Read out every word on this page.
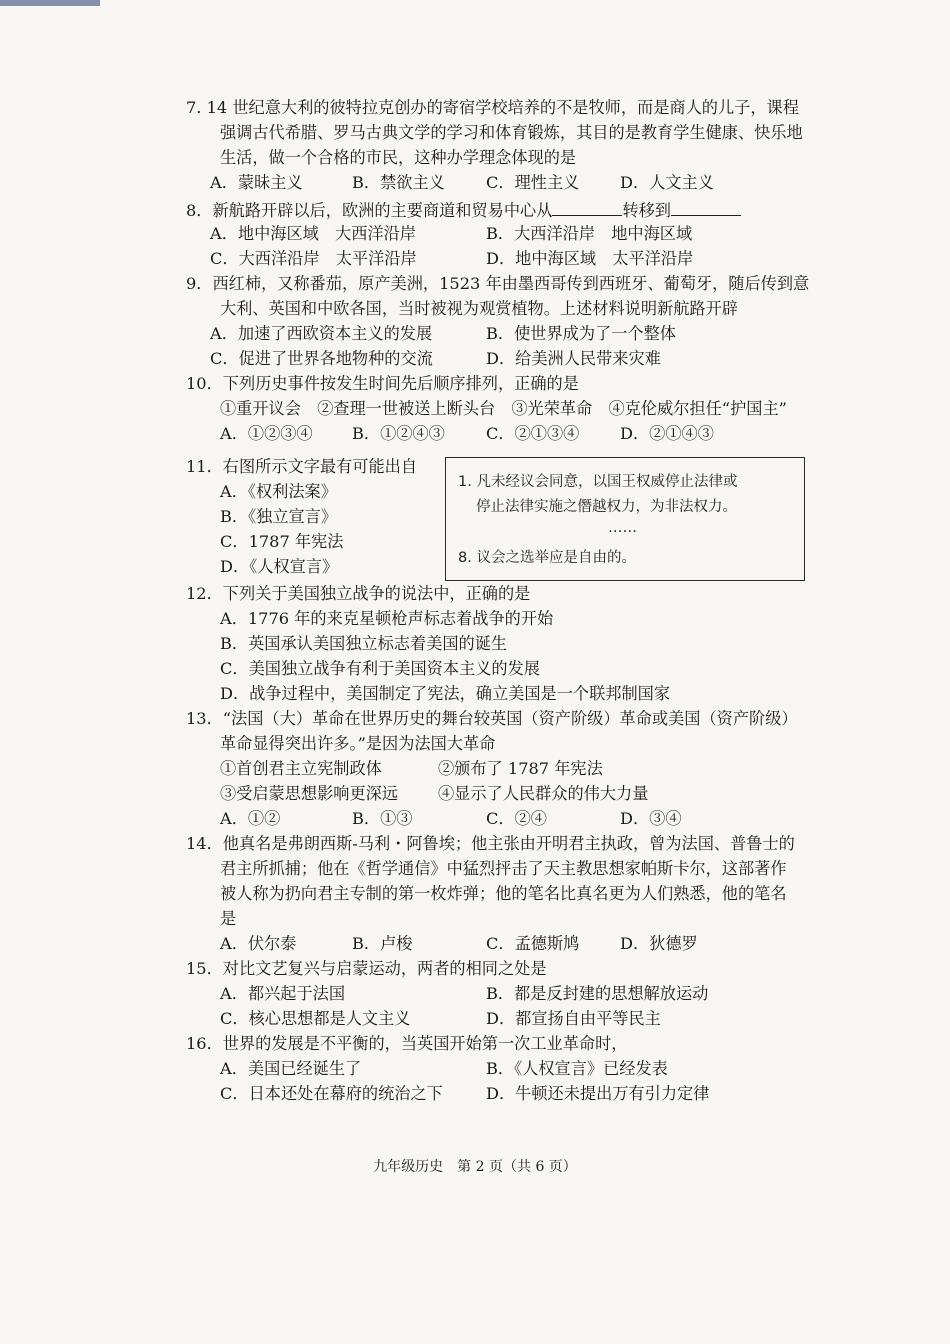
7. 14 世纪意大利的彼特拉克创办的寄宿学校培养的不是牧师，而是商人的儿子，课程
强调古代希腊、罗马古典文学的学习和体育锻炼，其目的是教育学生健康、快乐地
生活，做一个合格的市民，这种办学理念体现的是
A．蒙昧主义	B．禁欲主义	C．理性主义	D．人文主义
8．新航路开辟以后，欧洲的主要商道和贸易中心从	转移到
A．地中海区域　大西洋沿岸	B．大西洋沿岸　地中海区域
C．大西洋沿岸　太平洋沿岸	D．地中海区域　太平洋沿岸
9．西红柿，又称番茄，原产美洲，1523 年由墨西哥传到西班牙、葡萄牙，随后传到意
大利、英国和中欧各国，当时被视为观赏植物。上述材料说明新航路开辟
A．加速了西欧资本主义的发展	B．使世界成为了一个整体
C．促进了世界各地物种的交流	D．给美洲人民带来灾难
10．下列历史事件按发生时间先后顺序排列，正确的是
①重开议会　②查理一世被送上断头台　③光荣革命　④克伦威尔担任“护国主”
A．①②③④ B．①②④③	C．②①③④	D．②①④③
11．右图所示文字最有可能出自
A．《权利法案》
B．《独立宣言》
C．1787 年宪法
D．《人权宣言》
1. 凡未经议会同意，以国王权威停止法律或
停止法律实施之僭越权力，为非法权力。
……
8. 议会之选举应是自由的。
12．下列关于美国独立战争的说法中，正确的是
A．1776 年的来克星顿枪声标志着战争的开始
B．英国承认美国独立标志着美国的诞生
C．美国独立战争有利于美国资本主义的发展
D．战争过程中，美国制定了宪法，确立美国是一个联邦制国家
13．“法国（大）革命在世界历史的舞台较英国（资产阶级）革命或美国（资产阶级）
革命显得突出许多。”是因为法国大革命
①首创君主立宪制政体	②颁布了 1787 年宪法
③受启蒙思想影响更深远 ④显示了人民群众的伟大力量
A．①②	B．①③	C．②④	D．③④
14．他真名是弗朗西斯-马利・阿鲁埃；他主张由开明君主执政，曾为法国、普鲁士的
君主所抓捕；他在《哲学通信》中猛烈抨击了天主教思想家帕斯卡尔，这部著作
被人称为扔向君主专制的第一枚炸弹；他的笔名比真名更为人们熟悉，他的笔名
是
A．伏尔泰	B．卢梭	C．孟德斯鸠	D．狄德罗
15．对比文艺复兴与启蒙运动，两者的相同之处是
A．都兴起于法国	B．都是反封建的思想解放运动
C．核心思想都是人文主义	D．都宣扬自由平等民主
16．世界的发展是不平衡的，当英国开始第一次工业革命时，
A．美国已经诞生了	B．《人权宣言》已经发表
C．日本还处在幕府的统治之下	D．牛顿还未提出万有引力定律
九年级历史　第 2 页（共 6 页）
